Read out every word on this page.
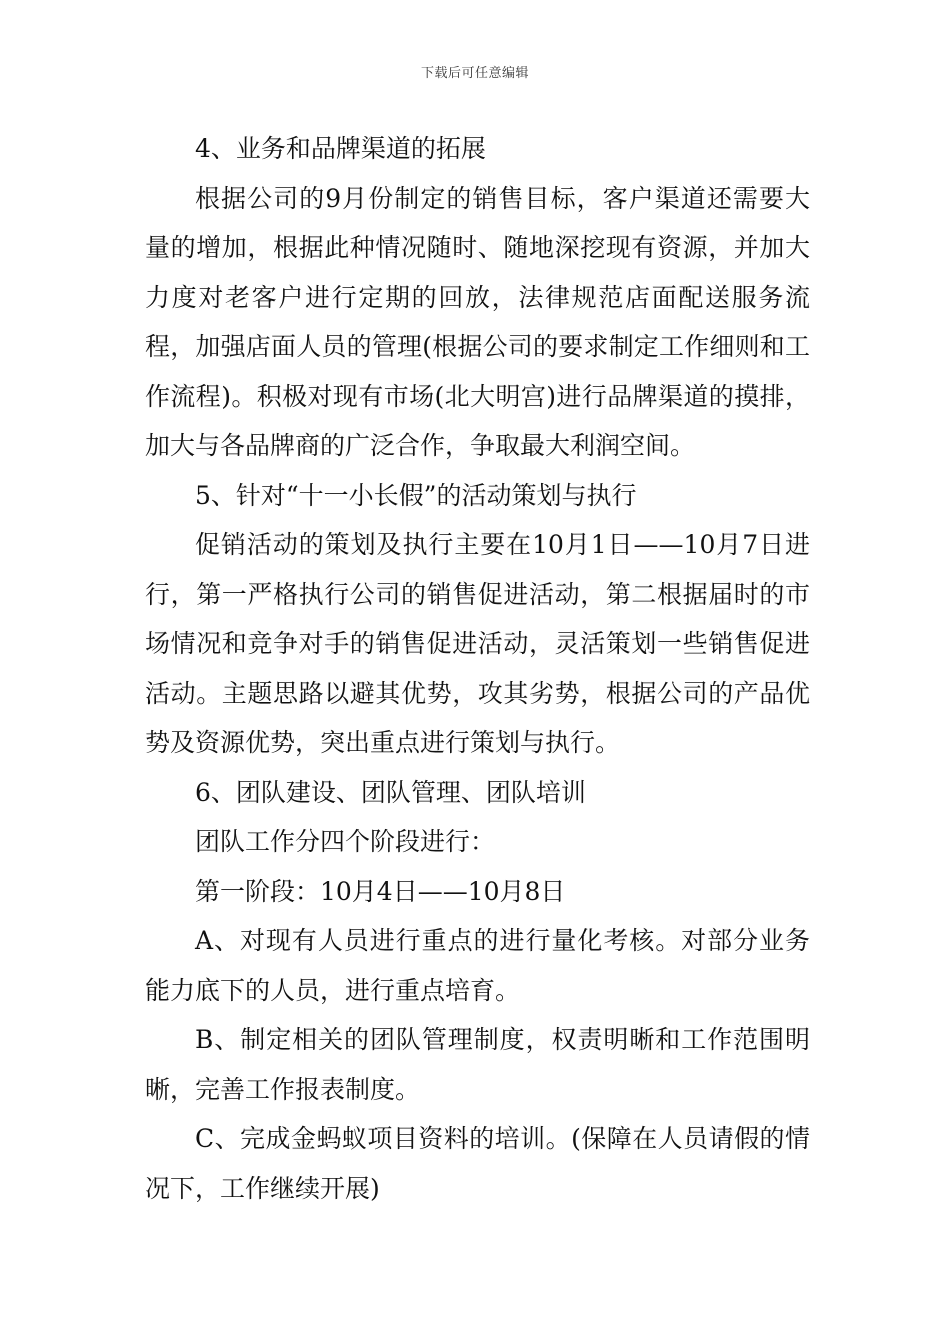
下载后可任意编辑

4、业务和品牌渠道的拓展

根据公司的9月份制定的销售目标，客户渠道还需要大量的增加，根据此种情况随时、随地深挖现有资源，并加大力度对老客户进行定期的回放，法律规范店面配送服务流程，加强店面人员的管理(根据公司的要求制定工作细则和工作流程)。积极对现有市场(北大明宫)进行品牌渠道的摸排，加大与各品牌商的广泛合作，争取最大利润空间。

5、针对“十一小长假”的活动策划与执行

促销活动的策划及执行主要在10月1日——10月7日进行，第一严格执行公司的销售促进活动，第二根据届时的市场情况和竞争对手的销售促进活动，灵活策划一些销售促进活动。主题思路以避其优势，攻其劣势，根据公司的产品优势及资源优势，突出重点进行策划与执行。

6、团队建设、团队管理、团队培训

团队工作分四个阶段进行：

第一阶段：10月4日——10月8日

A、对现有人员进行重点的进行量化考核。对部分业务能力底下的人员，进行重点培育。

B、制定相关的团队管理制度，权责明晰和工作范围明晰，完善工作报表制度。

C、完成金蚂蚁项目资料的培训。(保障在人员请假的情况下，工作继续开展)
